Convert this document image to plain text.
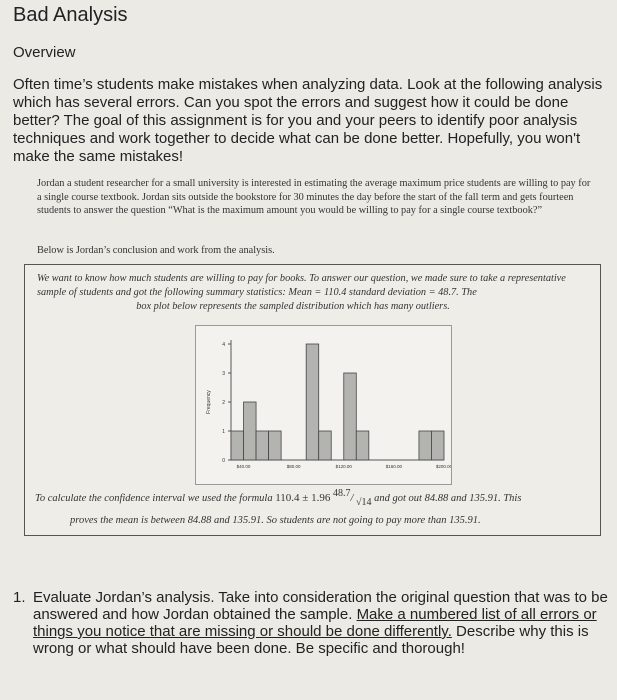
Bad Analysis
Overview
Often time’s students make mistakes when analyzing data. Look at the following analysis which has several errors. Can you spot the errors and suggest how it could be done better? The goal of this assignment is for you and your peers to identify poor analysis techniques and work together to decide what can be done better. Hopefully, you won't make the same mistakes!
Jordan a student researcher for a small university is interested in estimating the average maximum price students are willing to pay for a single course textbook. Jordan sits outside the bookstore for 30 minutes the day before the start of the fall term and gets fourteen students to answer the question “What is the maximum amount you would be willing to pay for a single course textbook?”
Below is Jordan’s conclusion and work from the analysis.
We want to know how much students are willing to pay for books. To answer our question, we made sure to take a representative sample of students and got the following summary statistics: Mean = 110.4 standard deviation = 48.7. The
box plot below represents the sampled distribution which has many outliers.
0
1
2
3
4
Frequency
$40.00	$80.00	$120.00	$160.00	$200.00
To calculate the confidence interval we used the formula 110.4 ± 1.96 48.7/ √14 and got out 84.88 and 135.91. This
proves the mean is between 84.88 and 135.91. So students are not going to pay more than 135.91.
1. Evaluate Jordan’s analysis. Take into consideration the original question that was to be answered and how Jordan obtained the sample. Make a numbered list of all errors or things you notice that are missing or should be done differently. Describe why this is wrong or what should have been done. Be specific and thorough!
